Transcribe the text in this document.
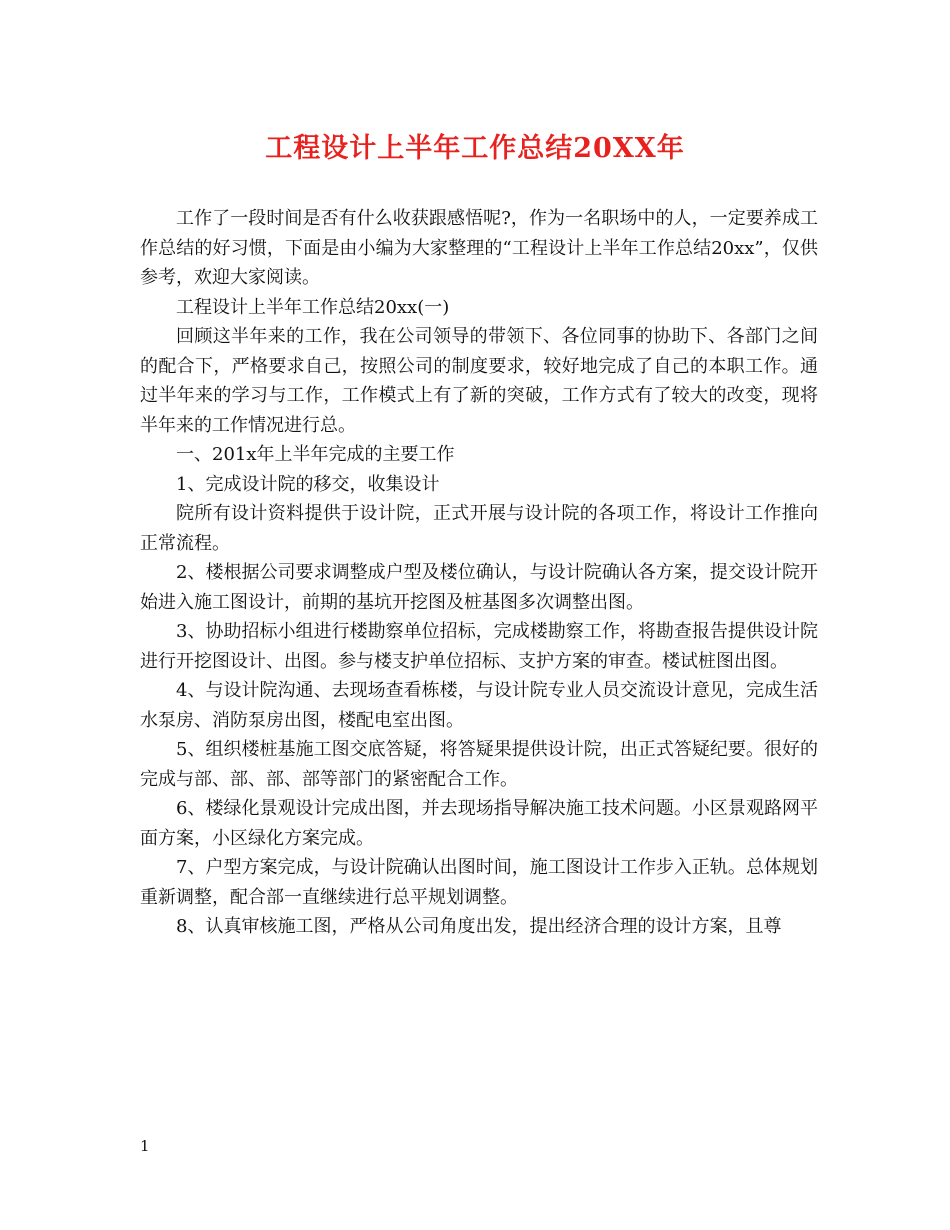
工程设计上半年工作总结20XX年

工作了一段时间是否有什么收获跟感悟呢?，作为一名职场中的人，一定要养成工作总结的好习惯，下面是由小编为大家整理的“工程设计上半年工作总结20xx”，仅供参考，欢迎大家阅读。

工程设计上半年工作总结20xx(一)

回顾这半年来的工作，我在公司领导的带领下、各位同事的协助下、各部门之间的配合下，严格要求自己，按照公司的制度要求，较好地完成了自己的本职工作。通过半年来的学习与工作，工作模式上有了新的突破，工作方式有了较大的改变，现将半年来的工作情况进行总。

一、201x年上半年完成的主要工作

1、完成设计院的移交，收集设计

院所有设计资料提供于设计院，正式开展与设计院的各项工作，将设计工作推向正常流程。

2、楼根据公司要求调整成户型及楼位确认，与设计院确认各方案，提交设计院开始进入施工图设计，前期的基坑开挖图及桩基图多次调整出图。

3、协助招标小组进行楼勘察单位招标，完成楼勘察工作，将勘查报告提供设计院进行开挖图设计、出图。参与楼支护单位招标、支护方案的审查。楼试桩图出图。

4、与设计院沟通、去现场查看栋楼，与设计院专业人员交流设计意见，完成生活水泵房、消防泵房出图，楼配电室出图。

5、组织楼桩基施工图交底答疑，将答疑果提供设计院，出正式答疑纪要。很好的完成与部、部、部、部等部门的紧密配合工作。

6、楼绿化景观设计完成出图，并去现场指导解决施工技术问题。小区景观路网平面方案，小区绿化方案完成。

7、户型方案完成，与设计院确认出图时间，施工图设计工作步入正轨。总体规划重新调整，配合部一直继续进行总平规划调整。

8、认真审核施工图，严格从公司角度出发，提出经济合理的设计方案，且尊

1
